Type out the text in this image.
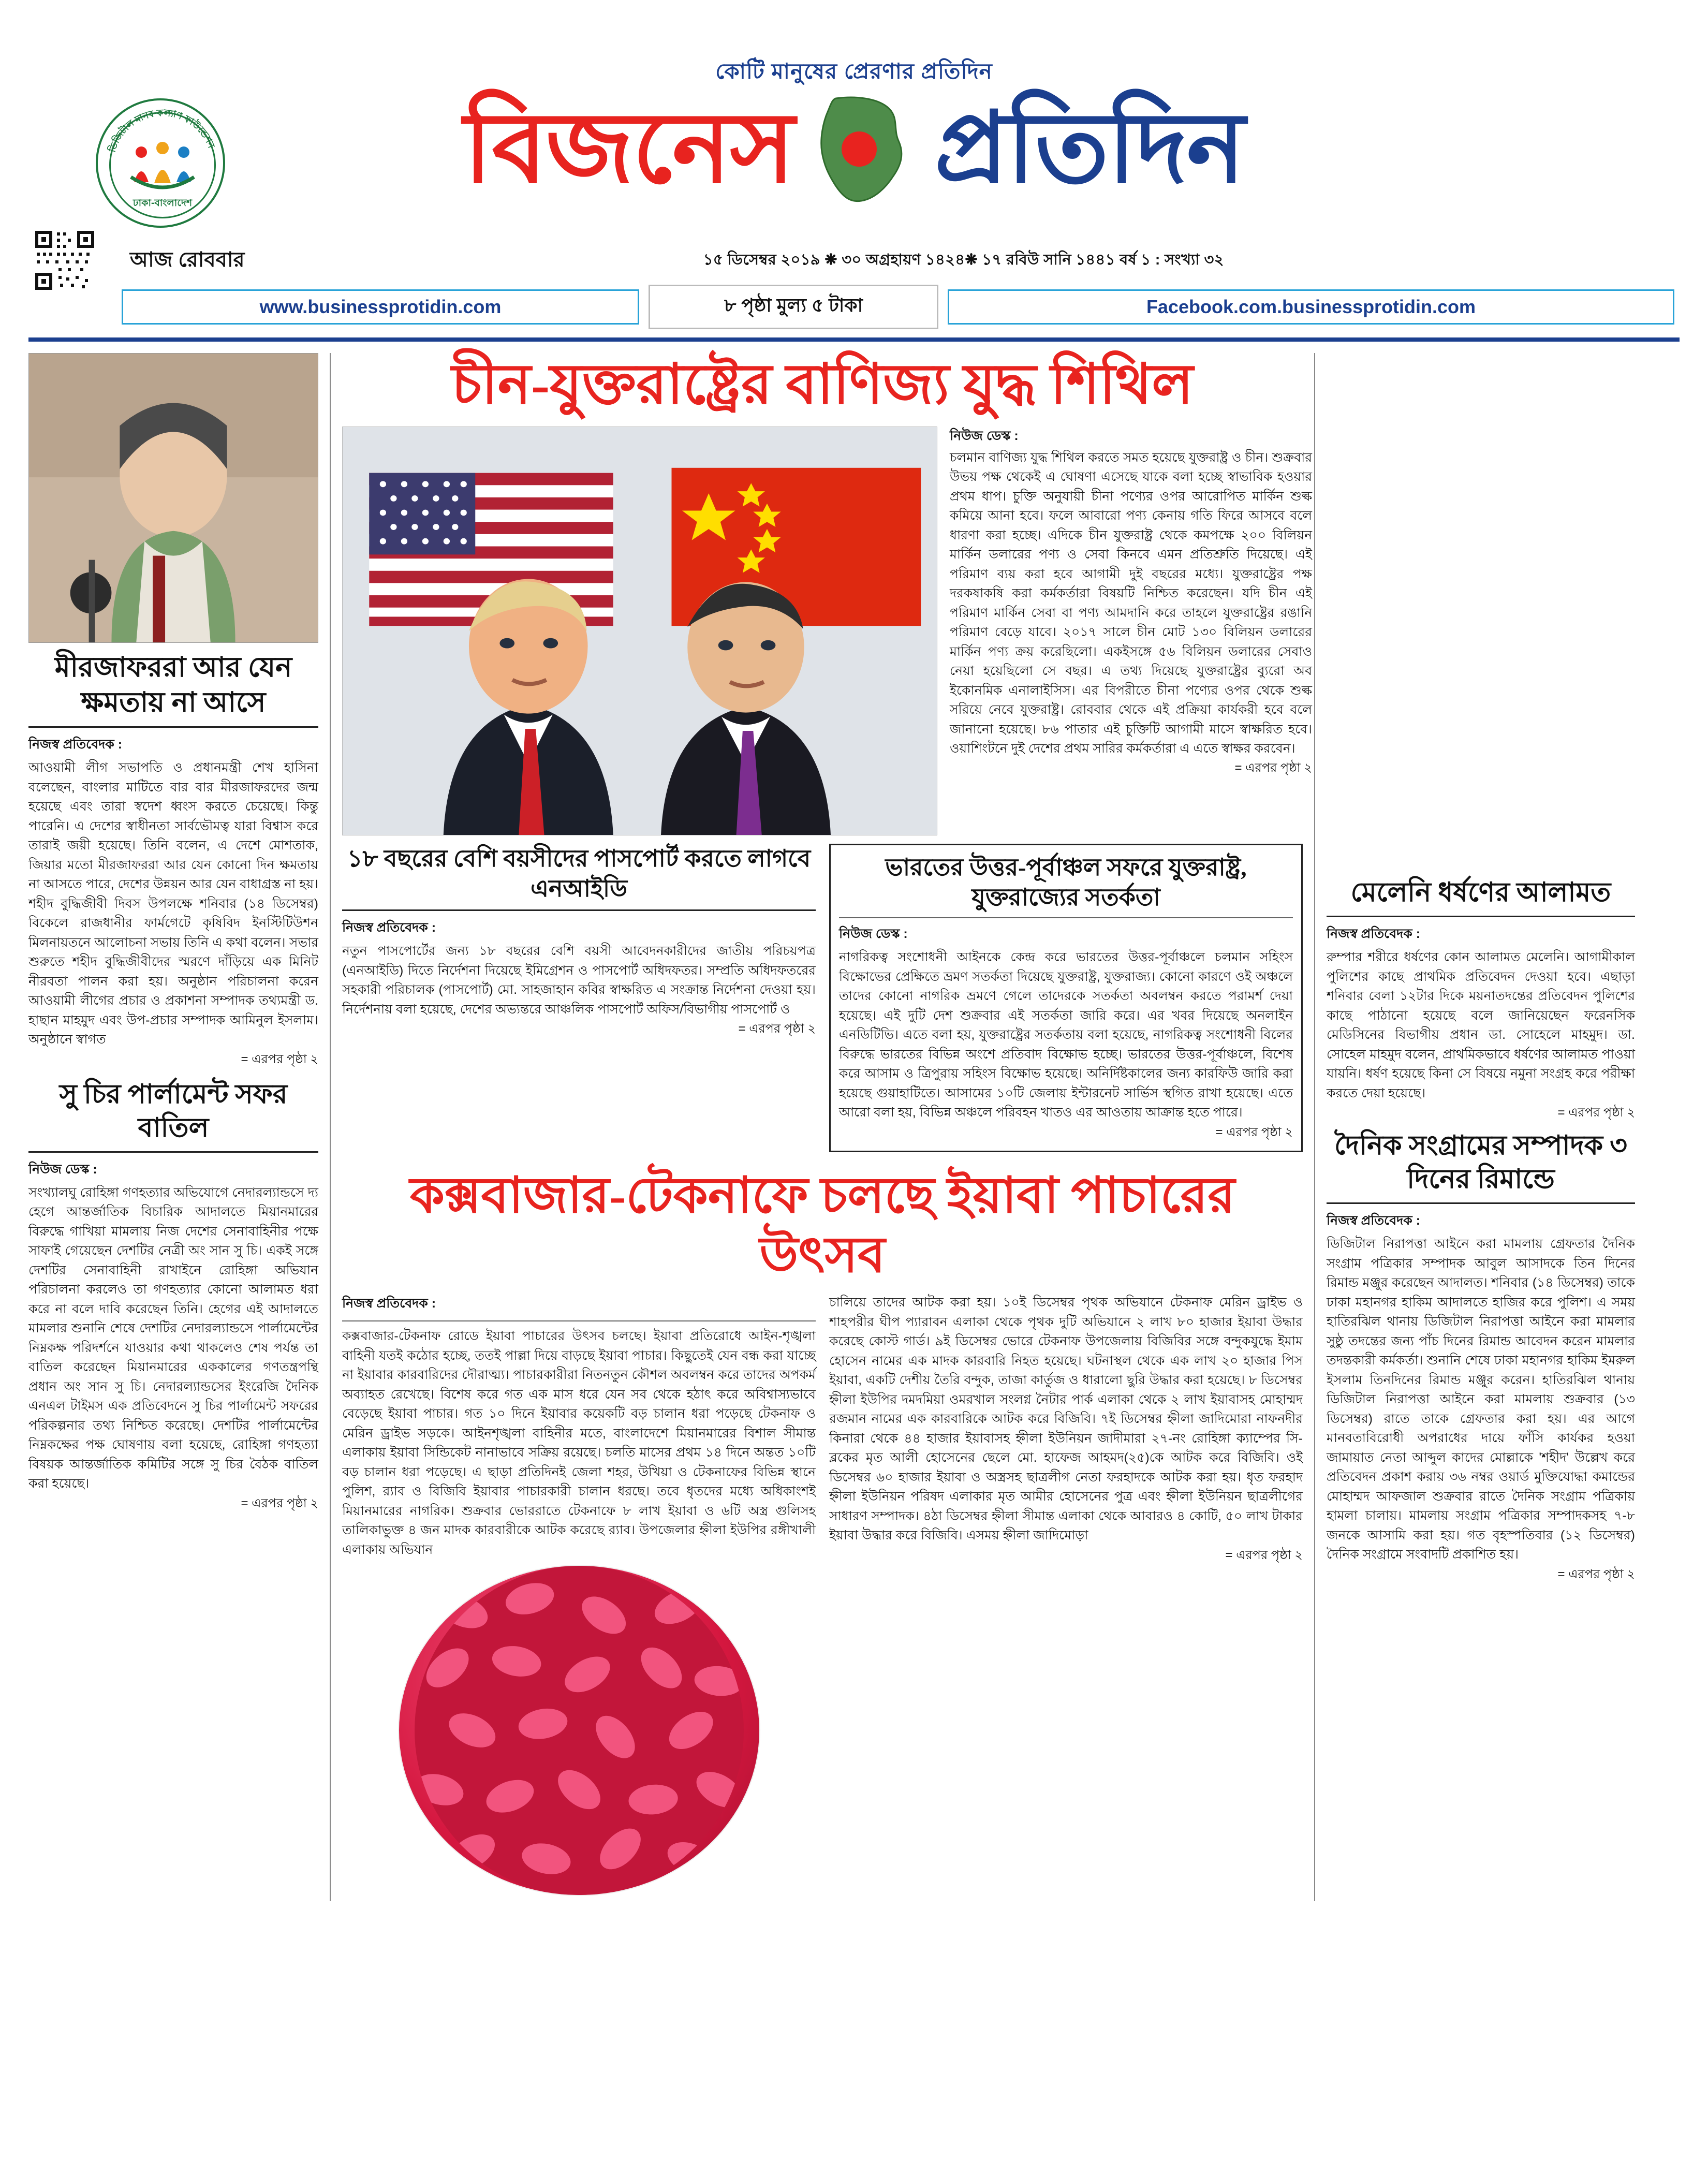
ডিজিটাল মানব কল্যাণ ফাউন্ডেশন
ঢাকা-বাংলাদেশ
কোটি মানুষের প্রেরণার প্রতিদিন
বিজনেস প্রতিদিন
আজ রোববার	১৫ ডিসেম্বর ২০১৯ ❋ ৩০ অগ্রহায়ণ ১৪২৪❋ ১৭ রবিউ সানি ১৪৪১ বর্ষ ১ : সংখ্যা ৩২
www.businessprotidin.com	৮ পৃষ্ঠা মুল্য ৫ টাকা	Facebook.com.businessprotidin.com
মীরজাফররা আর যেন ক্ষমতায় না আসে
নিজস্ব প্রতিবেদক :
আওয়ামী লীগ সভাপতি ও প্রধানমন্ত্রী শেখ হাসিনা বলেছেন, বাংলার মাটিতে বার বার মীরজাফরদের জন্ম হয়েছে এবং তারা স্বদেশ ধ্বংস করতে চেয়েছে। কিন্তু পারেনি। এ দেশের স্বাধীনতা সার্বভৌমত্ব যারা বিশ্বাস করে তারাই জয়ী হয়েছে। তিনি বলেন, এ দেশে মোশতাক, জিয়ার মতো মীরজাফররা আর যেন কোনো দিন ক্ষমতায় না আসতে পারে, দেশের উন্নয়ন আর যেন বাধাগ্রস্ত না হয়। শহীদ বুদ্ধিজীবী দিবস উপলক্ষে শনিবার (১৪ ডিসেম্বর) বিকেলে রাজধানীর ফার্মগেটে কৃষিবিদ ইনস্টিটিউশন মিলনায়তনে আলোচনা সভায় তিনি এ কথা বলেন। সভার শুরুতে শহীদ বুদ্ধিজীবীদের স্মরণে দাঁড়িয়ে এক মিনিট নীরবতা পালন করা হয়। অনুষ্ঠান পরিচালনা করেন আওয়ামী লীগের প্রচার ও প্রকাশনা সম্পাদক তথ্যমন্ত্রী ড. হাছান মাহমুদ এবং উপ-প্রচার সম্পাদক আমিনুল ইসলাম। অনুষ্ঠানে স্বাগত
= এরপর পৃষ্ঠা ২
সু চির পার্লামেন্ট সফর বাতিল
নিউজ ডেস্ক :
সংখ্যালঘু রোহিঙ্গা গণহত্যার অভিযোগে নেদারল্যান্ডসে দ্য হেগে আন্তর্জাতিক বিচারিক আদালতে মিয়ানমারের বিরুদ্ধে গাখিয়া মামলায় নিজ দেশের সেনাবাহিনীর পক্ষে সাফাই গেয়েছেন দেশটির নেত্রী অং সান সু চি। একই সঙ্গে দেশটির সেনাবাহিনী রাখাইনে রোহিঙ্গা অভিযান পরিচালনা করলেও তা গণহত্যার কোনো আলামত ধরা করে না বলে দাবি করেছেন তিনি। হেগের এই আদালতে মামলার শুনানি শেষে দেশটির নেদারল্যান্ডসে পার্লামেন্টের নিম্নকক্ষ পরিদর্শনে যাওয়ার কথা থাকলেও শেষ পর্যন্ত তা বাতিল করেছেন মিয়ানমারের এককালের গণতন্ত্রপন্থি প্রধান অং সান সু চি। নেদারল্যান্ডসের ইংরেজি দৈনিক এনএল টাইমস এক প্রতিবেদনে সু চির পার্লামেন্ট সফরের পরিকল্পনার তথ্য নিশ্চিত করেছে। দেশটির পার্লামেন্টের নিম্নকক্ষের পক্ষ ঘোষণায় বলা হয়েছে, রোহিঙ্গা গণহত্যা বিষয়ক আন্তর্জাতিক কমিটির সঙ্গে সু চির বৈঠক বাতিল করা হয়েছে।
= এরপর পৃষ্ঠা ২
চীন-যুক্তরাষ্ট্রের বাণিজ্য যুদ্ধ শিথিল
নিউজ ডেস্ক :
চলমান বাণিজ্য যুদ্ধ শিথিল করতে সমত হয়েছে যুক্তরাষ্ট্র ও চীন। শুক্রবার উভয় পক্ষ থেকেই এ ঘোষণা এসেছে যাকে বলা হচ্ছে স্বাভাবিক হওয়ার প্রথম ধাপ। চুক্তি অনুযায়ী চীনা পণ্যের ওপর আরোপিত মার্কিন শুল্ক কমিয়ে আনা হবে। ফলে আবারো পণ্য কেনায় গতি ফিরে আসবে বলে ধারণা করা হচ্ছে। এদিকে চীন যুক্তরাষ্ট্র থেকে কমপক্ষে ২০০ বিলিয়ন মার্কিন ডলারের পণ্য ও সেবা কিনবে এমন প্রতিশ্রুতি দিয়েছে। এই পরিমাণ ব্যয় করা হবে আগামী দুই বছরের মধ্যে। যুক্তরাষ্ট্রের পক্ষ দরকষাকষি করা কর্মকর্তারা বিষয়টি নিশ্চিত করেছেন। যদি চীন এই পরিমাণ মার্কিন সেবা বা পণ্য আমদানি করে তাহলে যুক্তরাষ্ট্রের রঙানি পরিমাণ বেড়ে যাবে। ২০১৭ সালে চীন মোট ১৩০ বিলিয়ন ডলারের মার্কিন পণ্য ক্রয় করেছিলো। একইসঙ্গে ৫৬ বিলিয়ন ডলারের সেবাও নেয়া হয়েছিলো সে বছর। এ তথ্য দিয়েছে যুক্তরাষ্ট্রের ব্যুরো অব ইকোনমিক এনালাইসিস। এর বিপরীতে চীনা পণ্যের ওপর থেকে শুল্ক সরিয়ে নেবে যুক্তরাষ্ট্র। রোববার থেকে এই প্রক্রিয়া কার্যকরী হবে বলে জানানো হয়েছে। ৮৬ পাতার এই চুক্তিটি আগামী মাসে স্বাক্ষরিত হবে। ওয়াশিংটনে দুই দেশের প্রথম সারির কর্মকর্তারা এ এতে স্বাক্ষর করবেন।
= এরপর পৃষ্ঠা ২
১৮ বছরের বেশি বয়সীদের পাসপোর্ট করতে লাগবে এনআইডি
নিজস্ব প্রতিবেদক :
নতুন পাসপোর্টের জন্য ১৮ বছরের বেশি বয়সী আবেদনকারীদের জাতীয় পরিচয়পত্র (এনআইডি) দিতে নির্দেশনা দিয়েছে ইমিগ্রেশন ও পাসপোর্ট অধিদফতর। সম্প্রতি অধিদফতরের সহকারী পরিচালক (পাসপোর্ট) মো. সাহজাহান কবির স্বাক্ষরিত এ সংক্রান্ত নির্দেশনা দেওয়া হয়। নির্দেশনায় বলা হয়েছে, দেশের অভ্যন্তরে আঞ্চলিক পাসপোর্ট অফিস/বিভাগীয় পাসপোর্ট ও
= এরপর পৃষ্ঠা ২
ভারতের উত্তর-পূর্বাঞ্চল সফরে যুক্তরাষ্ট্র, যুক্তরাজ্যের সতর্কতা
নিউজ ডেস্ক :
নাগরিকত্ব সংশোধনী আইনকে কেন্দ্র করে ভারতের উত্তর-পূর্বাঞ্চলে চলমান সহিংস বিক্ষোভের প্রেক্ষিতে ভ্রমণ সতর্কতা দিয়েছে যুক্তরাষ্ট্র, যুক্তরাজ্য। কোনো কারণে ওই অঞ্চলে তাদের কোনো নাগরিক ভ্রমণে গেলে তাদেরকে সতর্কতা অবলম্বন করতে পরামর্শ দেয়া হয়েছে। এই দুটি দেশ শুক্রবার এই সতর্কতা জারি করে। এর খবর দিয়েছে অনলাইন এনডিটিভি। এতে বলা হয়, যুক্তরাষ্ট্রের সতর্কতায় বলা হয়েছে, নাগরিকত্ব সংশোধনী বিলের বিরুদ্ধে ভারতের বিভিন্ন অংশে প্রতিবাদ বিক্ষোভ হচ্ছে। ভারতের উত্তর-পূর্বাঞ্চলে, বিশেষ করে আসাম ও ত্রিপুরায় সহিংস বিক্ষোভ হয়েছে। অনির্দিষ্টকালের জন্য কারফিউ জারি করা হয়েছে গুয়াহাটিতে। আসামের ১০টি জেলায় ইন্টারনেট সার্ভিস স্থগিত রাখা হয়েছে। এতে আরো বলা হয়, বিভিন্ন অঞ্চলে পরিবহন খাতও এর আওতায় আক্রান্ত হতে পারে।
= এরপর পৃষ্ঠা ২
কক্সবাজার-টেকনাফে চলছে ইয়াবা পাচারের উৎসব
নিজস্ব প্রতিবেদক :
কক্সবাজার-টেকনাফ রোডে ইয়াবা পাচারের উৎসব চলছে। ইয়াবা প্রতিরোধে আইন-শৃঙ্খলা বাহিনী যতই কঠোর হচ্ছে, ততই পাল্লা দিয়ে বাড়ছে ইয়াবা পাচার। কিছুতেই যেন বন্ধ করা যাচ্ছে না ইয়াবার কারবারিদের দৌরাত্ম্য। পাচারকারীরা নিতনতুন কৌশল অবলম্বন করে তাদের অপকর্ম অব্যাহত রেখেছে। বিশেষ করে গত এক মাস ধরে যেন সব থেকে হঠাৎ করে অবিশ্বাস্যভাবে বেড়েছে ইয়াবা পাচার। গত ১০ দিনে ইয়াবার কয়েকটি বড় চালান ধরা পড়েছে টেকনাফ ও মেরিন ড্রাইভ সড়কে। আইনশৃঙ্খলা বাহিনীর মতে, বাংলাদেশে মিয়ানমারের বিশাল সীমান্ত এলাকায় ইয়াবা সিন্ডিকেট নানাভাবে সক্রিয় রয়েছে। চলতি মাসের প্রথম ১৪ দিনে অন্তত ১০টি বড় চালান ধরা পড়েছে। এ ছাড়া প্রতিদিনই জেলা শহর, উখিয়া ও টেকনাফের বিভিন্ন স্থানে পুলিশ, র‌্যাব ও বিজিবি ইয়াবার পাচারকারী চালান ধরছে। তবে ধৃতদের মধ্যে অধিকাংশই মিয়ানমারের নাগরিক। শুক্রবার ভোররাতে টেকনাফে ৮ লাখ ইয়াবা ও ৬টি অস্ত্র গুলিসহ তালিকাভুক্ত ৪ জন মাদক কারবারীকে আটক করেছে র‌্যাব। উপজেলার হ্নীলা ইউপির রঙ্গীখালী এলাকায় অভিযান
চালিয়ে তাদের আটক করা হয়। ১০ই ডিসেম্বর পৃথক অভিযানে টেকনাফ মেরিন ড্রাইভ ও শাহপরীর ঘীপ প্যারাবন এলাকা থেকে পৃথক দুটি অভিযানে ২ লাখ ৮০ হাজার ইয়াবা উদ্ধার করেছে কোস্ট গার্ড। ৯ই ডিসেম্বর ভোরে টেকনাফ উপজেলায় বিজিবির সঙ্গে বন্দুকযুদ্ধে ইমাম হোসেন নামের এক মাদক কারবারি নিহত হয়েছে। ঘটনাস্থল থেকে এক লাখ ২০ হাজার পিস ইয়াবা, একটি দেশীয় তৈরি বন্দুক, তাজা কার্তুজ ও ধারালো ছুরি উদ্ধার করা হয়েছে। ৮ ডিসেম্বর হ্নীলা ইউপির দমদমিয়া ওমরখাল সংলগ্ন নৈটার পার্ক এলাকা থেকে ২ লাখ ইয়াবাসহ মোহাম্মদ রজমান নামের এক কারবারিকে আটক করে বিজিবি। ৭ই ডিসেম্বর হ্নীলা জাদিমোরা নাফনদীর কিনারা থেকে ৪৪ হাজার ইয়াবাসহ হ্নীলা ইউনিয়ন জাদীমারা ২৭-নং রোহিঙ্গা ক্যাম্পের সি-ব্লকের মৃত আলী হোসেনের ছেলে মো. হাফেজ আহমদ(২৫)কে আটক করে বিজিবি। ওই ডিসেম্বর ৬০ হাজার ইয়াবা ও অস্ত্রসহ ছাত্রলীগ নেতা ফরহাদকে আটক করা হয়। ধৃত ফরহাদ হ্নীলা ইউনিয়ন পরিষদ এলাকার মৃত আমীর হোসেনের পুত্র এবং হ্নীলা ইউনিয়ন ছাত্রলীগের সাধারণ সম্পাদক। ৪ঠা ডিসেম্বর হ্নীলা সীমান্ত এলাকা থেকে আবারও ৪ কোটি, ৫০ লাখ টাকার ইয়াবা উদ্ধার করে বিজিবি। এসময় হ্নীলা জাদিমোড়া
= এরপর পৃষ্ঠা ২
মেলেনি ধর্ষণের আলামত
নিজস্ব প্রতিবেদক :
রুম্পার শরীরে ধর্ষণের কোন আলামত মেলেনি। আগামীকাল পুলিশের কাছে প্রাথমিক প্রতিবেদন দেওয়া হবে। এছাড়া শনিবার বেলা ১২টার দিকে ময়নাতদন্তের প্রতিবেদন পুলিশের কাছে পাঠানো হয়েছে বলে জানিয়েছেন ফরেনসিক মেডিসিনের বিভাগীয় প্রধান ডা. সোহেলে মাহমুদ। ডা. সোহেল মাহমুদ বলেন, প্রাথমিকভাবে ধর্ষণের আলামত পাওয়া যায়নি। ধর্ষণ হয়েছে কিনা সে বিষয়ে নমুনা সংগ্রহ করে পরীক্ষা করতে দেয়া হয়েছে।
= এরপর পৃষ্ঠা ২
দৈনিক সংগ্রামের সম্পাদক ৩ দিনের রিমান্ডে
নিজস্ব প্রতিবেদক :
ডিজিটাল নিরাপত্তা আইনে করা মামলায় গ্রেফতার দৈনিক সংগ্রাম পত্রিকার সম্পাদক আবুল আসাদকে তিন দিনের রিমান্ড মঞ্জুর করেছেন আদালত। শনিবার (১৪ ডিসেম্বর) তাকে ঢাকা মহানগর হাকিম আদালতে হাজির করে পুলিশ। এ সময় হাতিরঝিল থানায় ডিজিটাল নিরাপত্তা আইনে করা মামলার সুষ্ঠু তদন্তের জন্য পাঁচ দিনের রিমান্ড আবেদন করেন মামলার তদন্তকারী কর্মকর্তা। শুনানি শেষে ঢাকা মহানগর হাকিম ইমরুল ইসলাম তিনদিনের রিমান্ড মঞ্জুর করেন। হাতিরঝিল থানায় ডিজিটাল নিরাপত্তা আইনে করা মামলায় শুক্রবার (১৩ ডিসেম্বর) রাতে তাকে গ্রেফতার করা হয়। এর আগে মানবতাবিরোধী অপরাধের দায়ে ফাঁসি কার্যকর হওয়া জামায়াত নেতা আব্দুল কাদের মোল্লাকে 'শহীদ' উল্লেখ করে প্রতিবেদন প্রকাশ করায় ৩৬ নম্বর ওয়ার্ড মুক্তিযোদ্ধা কমান্ডের মোহাম্মদ আফজাল শুক্রবার রাতে দৈনিক সংগ্রাম পত্রিকায় হামলা চালায়। মামলায় সংগ্রাম পত্রিকার সম্পাদকসহ ৭-৮ জনকে আসামি করা হয়। গত বৃহস্পতিবার (১২ ডিসেম্বর) দৈনিক সংগ্রামে সংবাদটি প্রকাশিত হয়।
= এরপর পৃষ্ঠা ২
